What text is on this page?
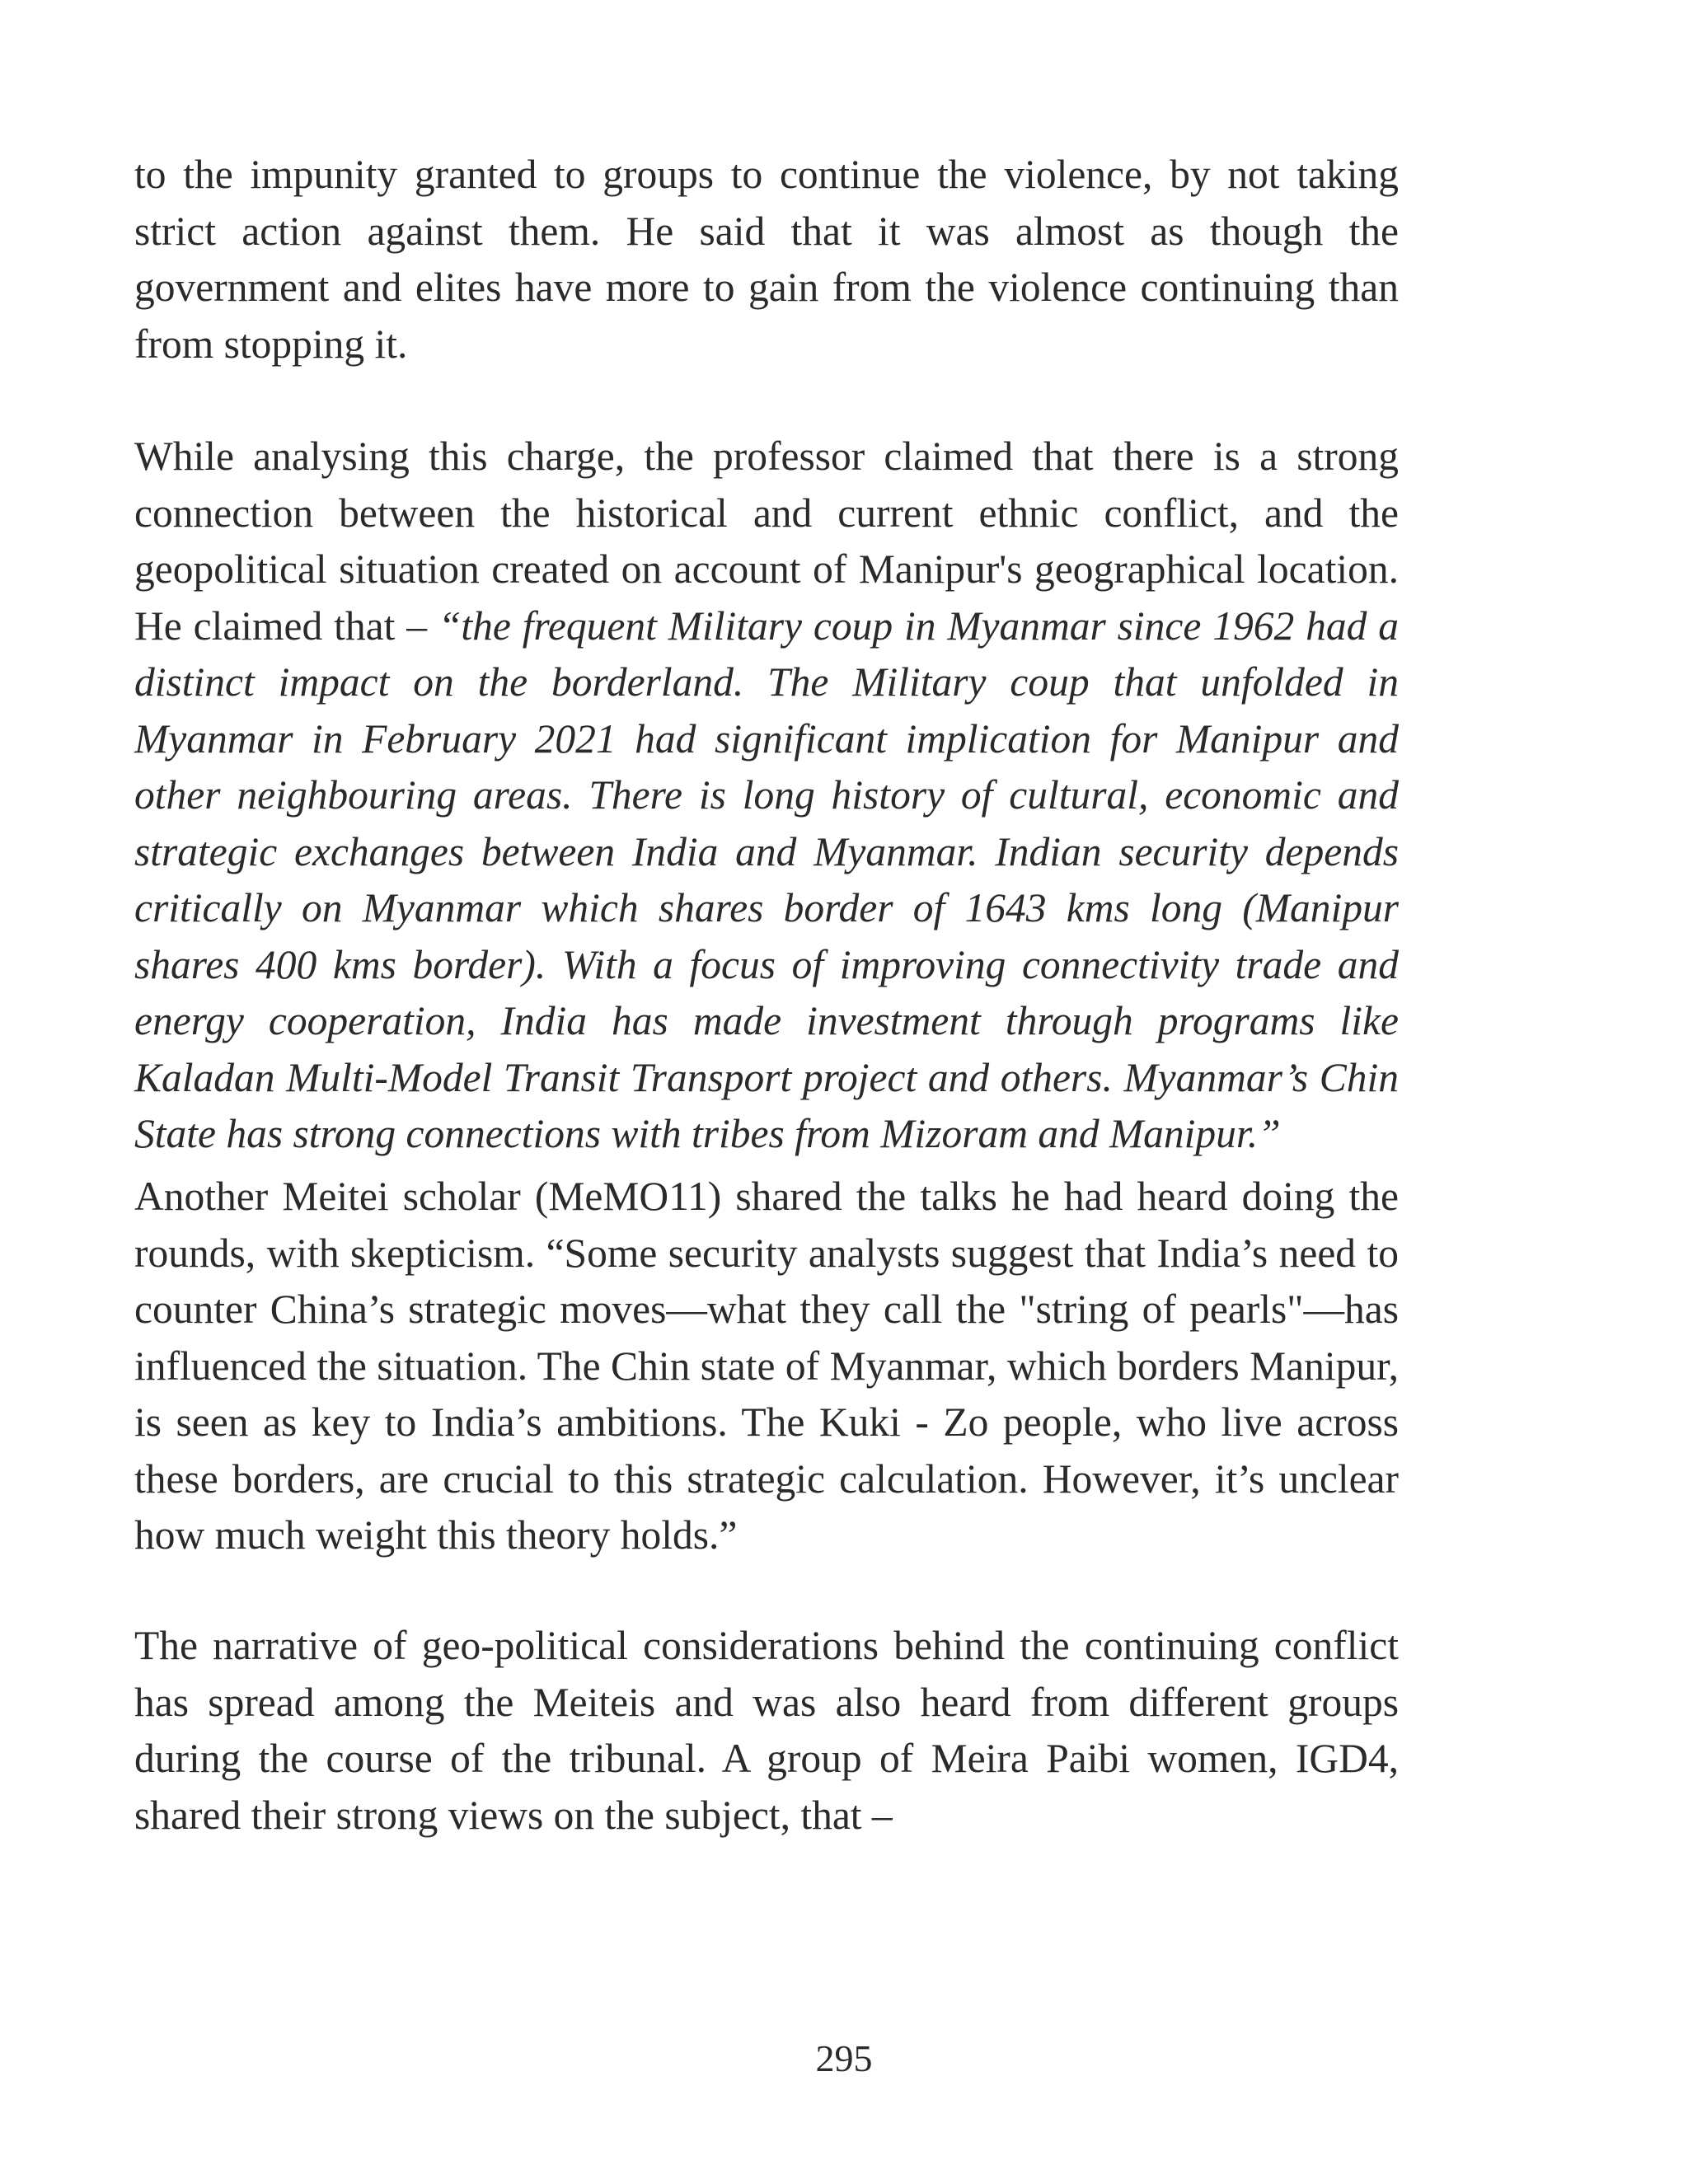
to the impunity granted to groups to continue the violence, by not taking strict action against them. He said that it was almost as though the government and elites have more to gain from the violence continuing than from stopping it.

While analysing this charge, the professor claimed that there is a strong connection between the historical and current ethnic conflict, and the geopolitical situation created on account of Manipur's geographical location. He claimed that – “the frequent Military coup in Myanmar since 1962 had a distinct impact on the borderland. The Military coup that unfolded in Myanmar in February 2021 had significant implication for Manipur and other neighbouring areas. There is long history of cultural, economic and strategic exchanges between India and Myanmar. Indian security depends critically on Myanmar which shares border of 1643 kms long (Manipur shares 400 kms border). With a focus of improving connectivity trade and energy cooperation, India has made investment through programs like Kaladan Multi-Model Transit Transport project and others. Myanmar’s Chin State has strong connections with tribes from Mizoram and Manipur.”

Another Meitei scholar (MeMO11) shared the talks he had heard doing the rounds, with skepticism. “Some security analysts suggest that India’s need to counter China’s strategic moves—what they call the "string of pearls"—has influenced the situation. The Chin state of Myanmar, which borders Manipur, is seen as key to India’s ambitions. The Kuki - Zo people, who live across these borders, are crucial to this strategic calculation. However, it’s unclear how much weight this theory holds.”

The narrative of geo-political considerations behind the continuing conflict has spread among the Meiteis and was also heard from different groups during the course of the tribunal. A group of Meira Paibi women, IGD4, shared their strong views on the subject, that –

295
